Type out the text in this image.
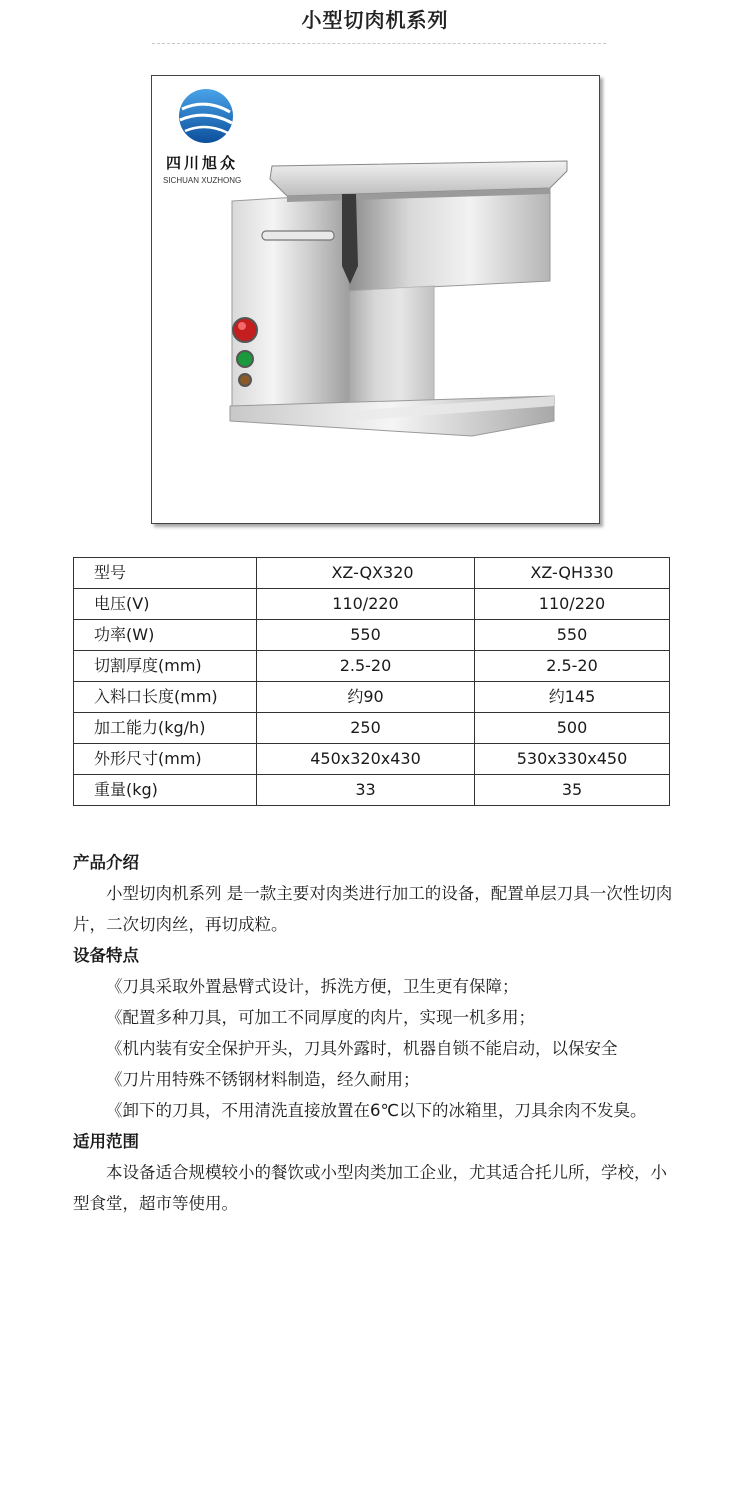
小型切肉机系列
四川旭众
SICHUAN XUZHONG
型号	XZ-QX320	XZ-QH330
电压(V)	110/220	110/220
功率(W)	550	550
切割厚度(mm)	2.5-20	2.5-20
入料口长度(mm)	约90	约145
加工能力(kg/h)	250	500
外形尺寸(mm)	450x320x430	530x330x450
重量(kg)	33	35
产品介绍

小型切肉机系列 是一款主要对肉类进行加工的设备，配置单层刀具一次性切肉片，二次切肉丝，再切成粒。

设备特点
《刀具采取外置悬臂式设计，拆洗方便，卫生更有保障；
《配置多种刀具，可加工不同厚度的肉片，实现一机多用；
《机内装有安全保护开头，刀具外露时，机器自锁不能启动，以保安全
《刀片用特殊不锈钢材料制造，经久耐用；
《卸下的刀具，不用清洗直接放置在6℃以下的冰箱里，刀具余肉不发臭。
适用范围

本设备适合规模较小的餐饮或小型肉类加工企业，尤其适合托儿所，学校，小型食堂，超市等使用。
